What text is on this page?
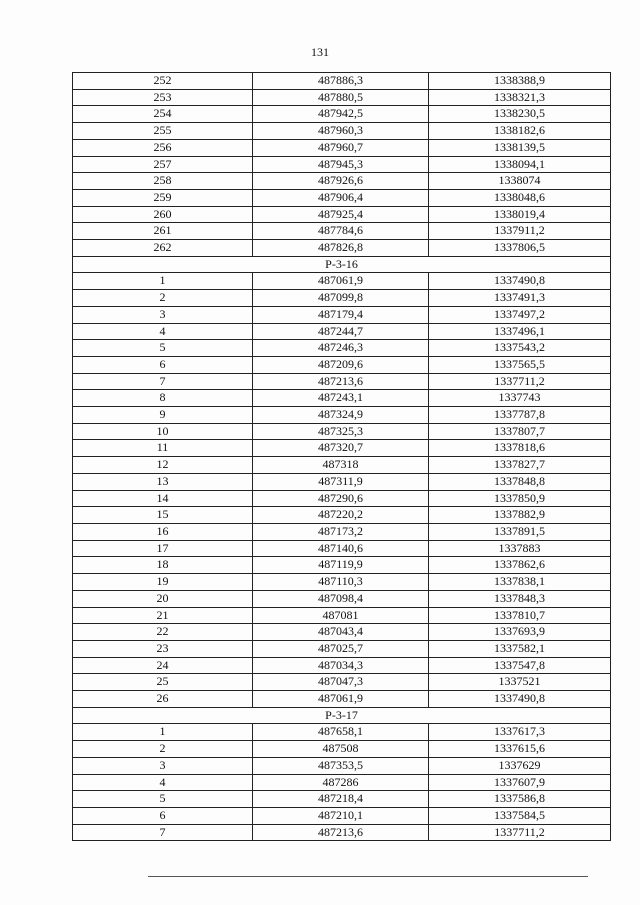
131
252	487886,3	1338388,9
253	487880,5	1338321,3
254	487942,5	1338230,5
255	487960,3	1338182,6
256	487960,7	1338139,5
257	487945,3	1338094,1
258	487926,6	1338074
259	487906,4	1338048,6
260	487925,4	1338019,4
261	487784,6	1337911,2
262	487826,8	1337806,5
Р-3-16		
1	487061,9	1337490,8
2	487099,8	1337491,3
3	487179,4	1337497,2
4	487244,7	1337496,1
5	487246,3	1337543,2
6	487209,6	1337565,5
7	487213,6	1337711,2
8	487243,1	1337743
9	487324,9	1337787,8
10	487325,3	1337807,7
11	487320,7	1337818,6
12	487318	1337827,7
13	487311,9	1337848,8
14	487290,6	1337850,9
15	487220,2	1337882,9
16	487173,2	1337891,5
17	487140,6	1337883
18	487119,9	1337862,6
19	487110,3	1337838,1
20	487098,4	1337848,3
21	487081	1337810,7
22	487043,4	1337693,9
23	487025,7	1337582,1
24	487034,3	1337547,8
25	487047,3	1337521
26	487061,9	1337490,8
Р-3-17		
1	487658,1	1337617,3
2	487508	1337615,6
3	487353,5	1337629
4	487286	1337607,9
5	487218,4	1337586,8
6	487210,1	1337584,5
7	487213,6	1337711,2
